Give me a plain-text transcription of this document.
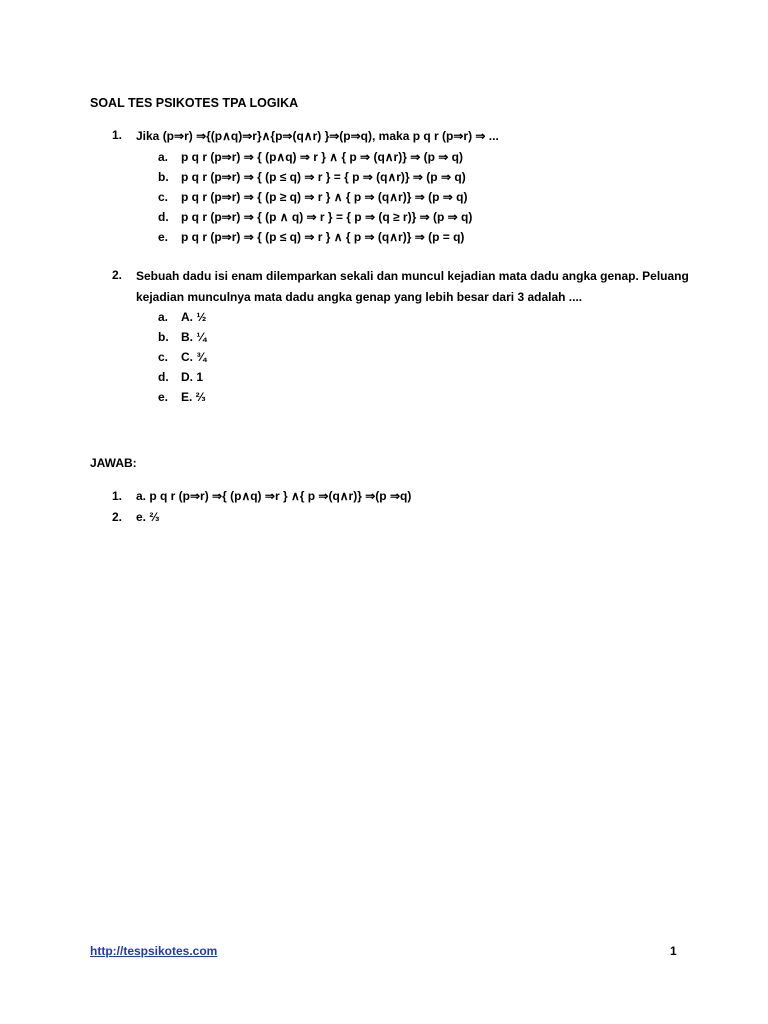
SOAL TES PSIKOTES TPA LOGIKA
1. Jika (p⇒r) ⇒{(p∧q)⇒r}∧{p⇒(q∧r) }⇒(p⇒q), maka p q r (p⇒r) ⇒ ...
a. p q r (p⇒r) ⇒ { (p∧q) ⇒ r } ∧ { p ⇒ (q∧r)} ⇒ (p ⇒ q)
b. p q r (p⇒r) ⇒ { (p ≤ q) ⇒ r } = { p ⇒ (q∧r)} ⇒ (p ⇒ q)
c. p q r (p⇒r) ⇒ { (p ≥ q) ⇒ r } ∧ { p ⇒ (q∧r)} ⇒ (p ⇒ q)
d. p q r (p⇒r) ⇒ { (p ∧ q) ⇒ r } = { p ⇒ (q ≥ r)} ⇒ (p ⇒ q)
e. p q r (p⇒r) ⇒ { (p ≤ q) ⇒ r } ∧ { p ⇒ (q∧r)} ⇒ (p = q)
2. Sebuah dadu isi enam dilemparkan sekali dan muncul kejadian mata dadu angka genap. Peluang kejadian munculnya mata dadu angka genap yang lebih besar dari 3 adalah ....
a. A. ½
b. B. ¼
c. C. ¾
d. D. 1
e. E. ⅔
JAWAB:
1. a. p q r (p⇒r) ⇒{ (p∧q) ⇒r } ∧{ p ⇒(q∧r)} ⇒(p ⇒q)
2. e. ⅔
http://tespsikotes.com	1
